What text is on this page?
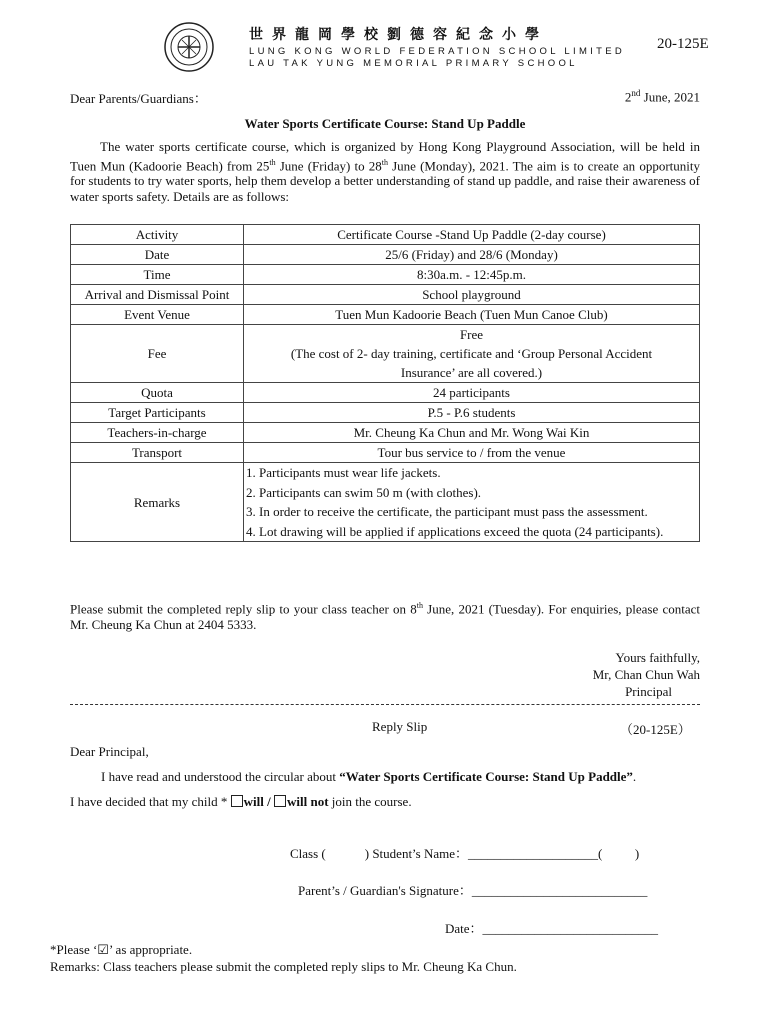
世界龍岡學校劉德容紀念小學
LUNG KONG WORLD FEDERATION SCHOOL LIMITED
LAU TAK YUNG MEMORIAL PRIMARY SCHOOL
20-125E
Dear Parents/Guardians：	2nd June, 2021
Water Sports Certificate Course: Stand Up Paddle
The water sports certificate course, which is organized by Hong Kong Playground Association, will be held in Tuen Mun (Kadoorie Beach) from 25th June (Friday) to 28th June (Monday), 2021. The aim is to create an opportunity for students to try water sports, help them develop a better understanding of stand up paddle, and raise their awareness of water sports safety. Details are as follows:
Activity	Certificate Course -Stand Up Paddle (2-day course)
Date	25/6 (Friday) and 28/6 (Monday)
Time	8:30a.m. - 12:45p.m.
Arrival and Dismissal Point	School playground
Event Venue	Tuen Mun Kadoorie Beach (Tuen Mun Canoe Club)
Fee	Free
(The cost of 2- day training, certificate and ‘Group Personal Accident Insurance’ are all covered.)

Quota	24 participants
Target Participants	P.5 - P.6 students
Teachers-in-charge	Mr. Cheung Ka Chun and Mr. Wong Wai Kin
Transport	Tour bus service to / from the venue
Remarks	1. Participants must wear life jackets.
2. Participants can swim 50 m (with clothes).
3. In order to receive the certificate, the participant must pass the assessment.
4. Lot drawing will be applied if applications exceed the quota (24 participants).
Please submit the completed reply slip to your class teacher on 8th June, 2021 (Tuesday). For enquiries, please contact Mr. Cheung Ka Chun at 2404 5333.
Yours faithfully,
Mr, Chan Chun Wah
Principal
Reply Slip	（20-125E）
Dear Principal,
I have read and understood the circular about “Water Sports Certificate Course: Stand Up Paddle”.
I have decided that my child * will / will not join the course.
Class (            ) Student’s Name：____________________(          )
Parent’s / Guardian's Signature：___________________________
Date：___________________________
*Please ‘☑’ as appropriate.
Remarks: Class teachers please submit the completed reply slips to Mr. Cheung Ka Chun.
